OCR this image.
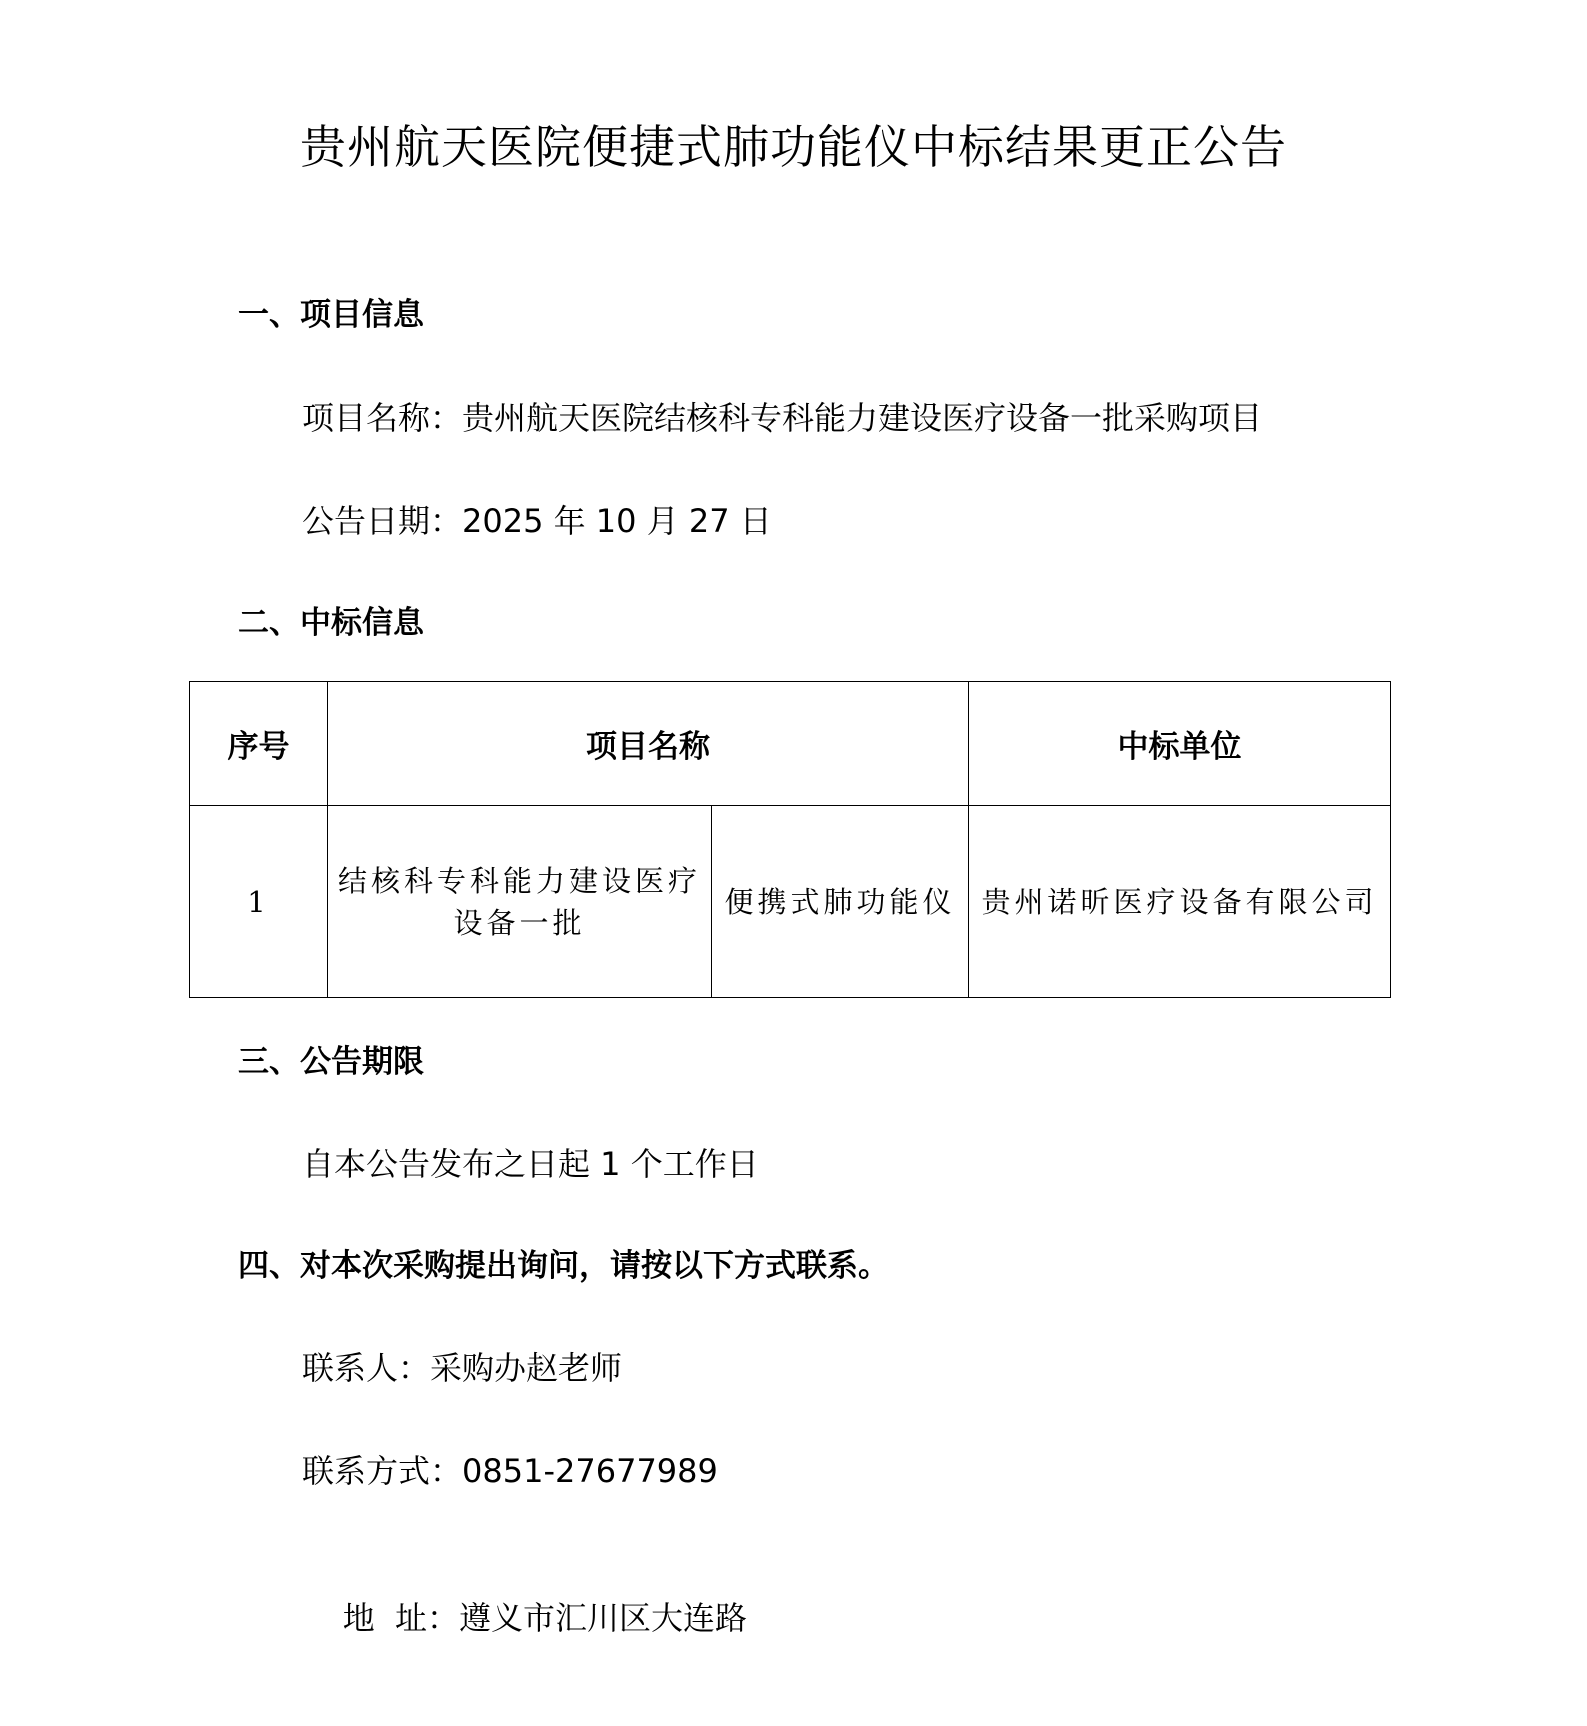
贵州航天医院便捷式肺功能仪中标结果更正公告
一、项目信息
项目名称：贵州航天医院结核科专科能力建设医疗设备一批采购项目
公告日期：2025 年 10 月 27 日
二、中标信息
序号	项目名称		中标单位
1	结核科专科能力建设医疗设备一批	便携式肺功能仪	贵州诺昕医疗设备有限公司
三、公告期限
自本公告发布之日起 1 个工作日
四、对本次采购提出询问，请按以下方式联系。
联系人：采购办赵老师
联系方式：0851-27677989

地  址：遵义市汇川区大连路
